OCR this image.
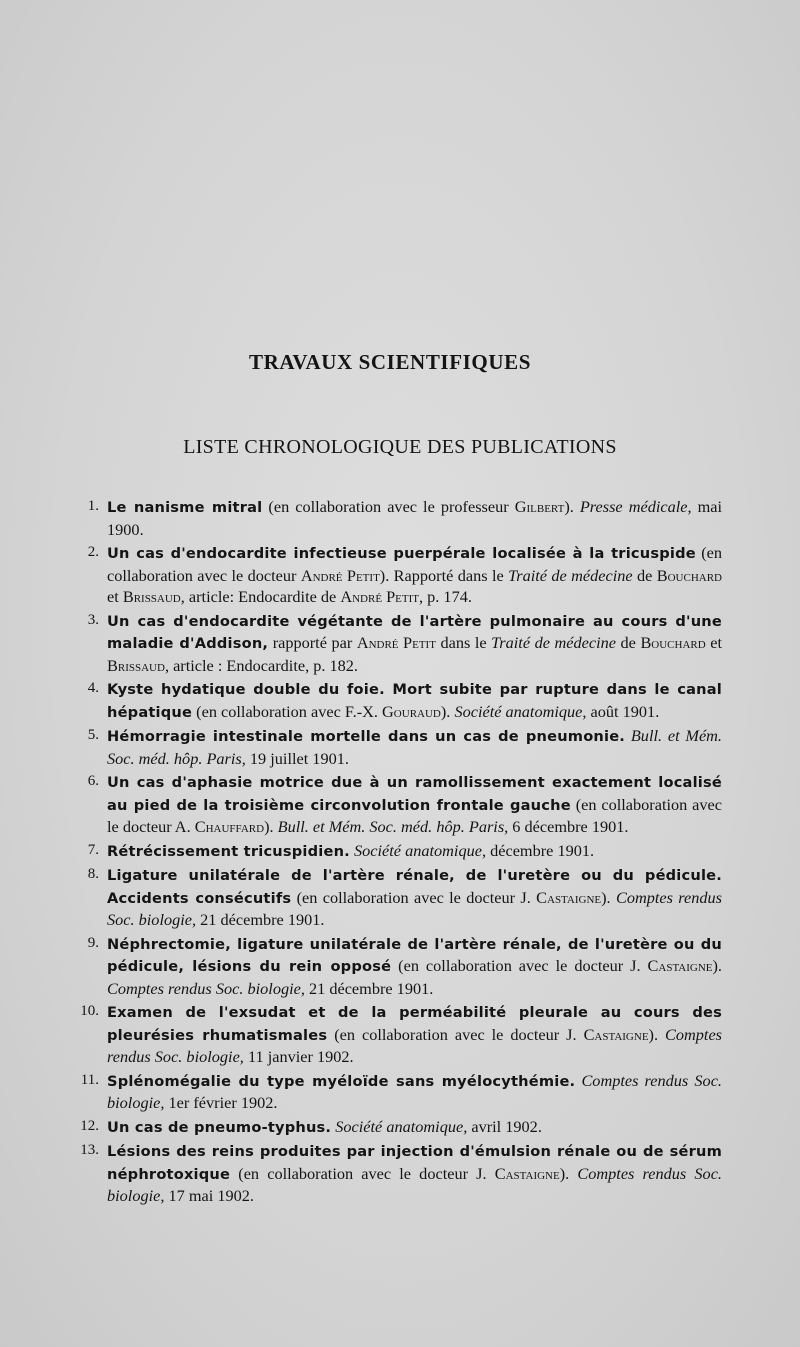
TRAVAUX SCIENTIFIQUES
LISTE CHRONOLOGIQUE DES PUBLICATIONS
1. Le nanisme mitral (en collaboration avec le professeur Gilbert). Presse médicale, mai 1900.
2. Un cas d'endocardite infectieuse puerpérale localisée à la tricuspide (en collaboration avec le docteur André Petit). Rapporté dans le Traité de médecine de Bouchard et Brissaud, article: Endocardite de André Petit, p. 174.
3. Un cas d'endocardite végétante de l'artère pulmonaire au cours d'une maladie d'Addison, rapporté par André Petit dans le Traité de médecine de Bouchard et Brissaud, article : Endocardite, p. 182.
4. Kyste hydatique double du foie. Mort subite par rupture dans le canal hépatique (en collaboration avec F.-X. Gouraud). Société anatomique, août 1901.
5. Hémorragie intestinale mortelle dans un cas de pneumonie. Bull. et Mém. Soc. méd. hôp. Paris, 19 juillet 1901.
6. Un cas d'aphasie motrice due à un ramollissement exactement localisé au pied de la troisième circonvolution frontale gauche (en collaboration avec le docteur A. Chauffard). Bull. et Mém. Soc. méd. hôp. Paris, 6 décembre 1901.
7. Rétrécissement tricuspidien. Société anatomique, décembre 1901.
8. Ligature unilatérale de l'artère rénale, de l'uretère ou du pédicule. Accidents consécutifs (en collaboration avec le docteur J. Castaigne). Comptes rendus Soc. biologie, 21 décembre 1901.
9. Néphrectomie, ligature unilatérale de l'artère rénale, de l'uretère ou du pédicule, lésions du rein opposé (en collaboration avec le docteur J. Castaigne). Comptes rendus Soc. biologie, 21 décembre 1901.
10. Examen de l'exsudat et de la perméabilité pleurale au cours des pleurésies rhumatismales (en collaboration avec le docteur J. Castaigne). Comptes rendus Soc. biologie, 11 janvier 1902.
11. Splénomégalie du type myéloïde sans myélocythémie. Comptes rendus Soc. biologie, 1er février 1902.
12. Un cas de pneumo-typhus. Société anatomique, avril 1902.
13. Lésions des reins produites par injection d'émulsion rénale ou de sérum néphrotoxique (en collaboration avec le docteur J. Castaigne). Comptes rendus Soc. biologie, 17 mai 1902.
